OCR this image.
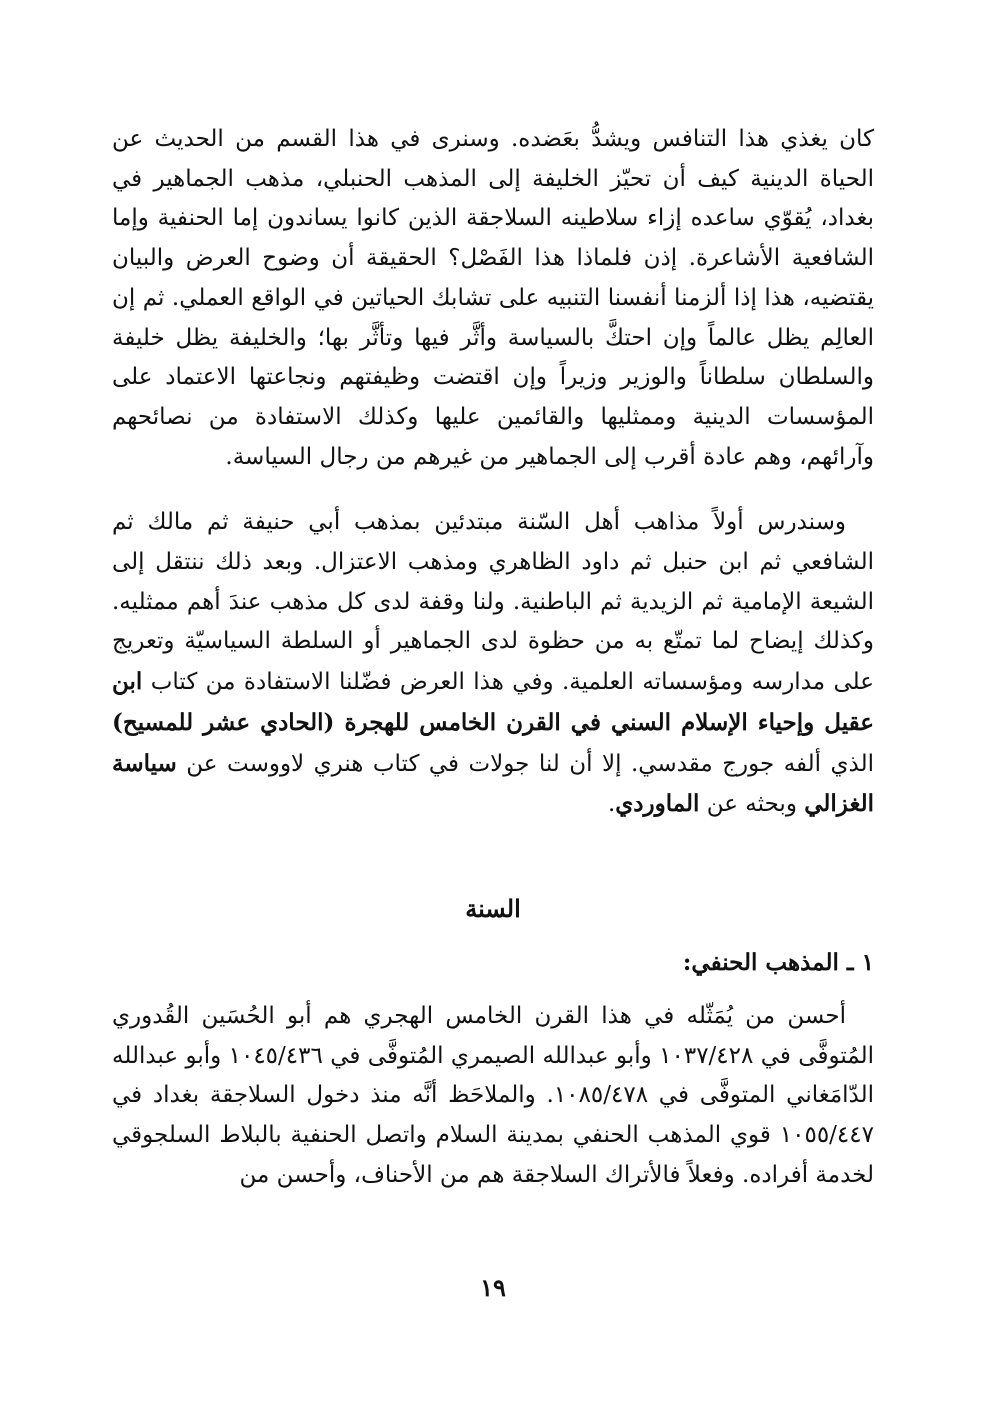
كان يغذي هذا التنافس ويشدُّ بعَضده. وسنرى في هذا القسم من الحديث عن الحياة الدينية كيف أن تحيّز الخليفة إلى المذهب الحنبلي، مذهب الجماهير في بغداد، يُقوّي ساعده إزاء سلاطينه السلاجقة الذين كانوا يساندون إما الحنفية وإما الشافعية الأشاعرة. إذن فلماذا هذا الفَصْل؟ الحقيقة أن وضوح العرض والبيان يقتضيه، هذا إذا ألزمنا أنفسنا التنبيه على تشابك الحياتين في الواقع العملي. ثم إن العالِم يظل عالماً وإن احتكَّ بالسياسة وأثَّر فيها وتأثَّر بها؛ والخليفة يظل خليفة والسلطان سلطاناً والوزير وزيراً وإن اقتضت وظيفتهم ونجاعتها الاعتماد على المؤسسات الدينية وممثليها والقائمين عليها وكذلك الاستفادة من نصائحهم وآرائهم، وهم عادة أقرب إلى الجماهير من غيرهم من رجال السياسة.

وسندرس أولاً مذاهب أهل السّنة مبتدئين بمذهب أبي حنيفة ثم مالك ثم الشافعي ثم ابن حنبل ثم داود الظاهري ومذهب الاعتزال. وبعد ذلك ننتقل إلى الشيعة الإمامية ثم الزيدية ثم الباطنية. ولنا وقفة لدى كل مذهب عندَ أهم ممثليه. وكذلك إيضاح لما تمتّع به من حظوة لدى الجماهير أو السلطة السياسيّة وتعريج على مدارسه ومؤسساته العلمية. وفي هذا العرض فضّلنا الاستفادة من كتاب ابن عقيل وإحياء الإسلام السني في القرن الخامس للهجرة (الحادي عشر للمسيح) الذي ألفه جورج مقدسي. إلا أن لنا جولات في كتاب هنري لاووست عن سياسة الغزالي وبحثه عن الماوردي.

السنة
١ ـ المذهب الحنفي:

أحسن من يُمَثّله في هذا القرن الخامس الهجري هم أبو الحُسَين القُدوري المُتوفَّى في ١٠٣٧/٤٢٨ وأبو عبدالله الصيمري المُتوفَّى في ١٠٤٥/٤٣٦ وأبو عبدالله الدّامَغاني المتوفَّى في ١٠٨٥/٤٧٨. والملاحَظ أنَّه منذ دخول السلاجقة بغداد في ١٠٥٥/٤٤٧ قوي المذهب الحنفي بمدينة السلام واتصل الحنفية بالبلاط السلجوقي لخدمة أفراده. وفعلاً فالأتراك السلاجقة هم من الأحناف، وأحسن من

١٩
